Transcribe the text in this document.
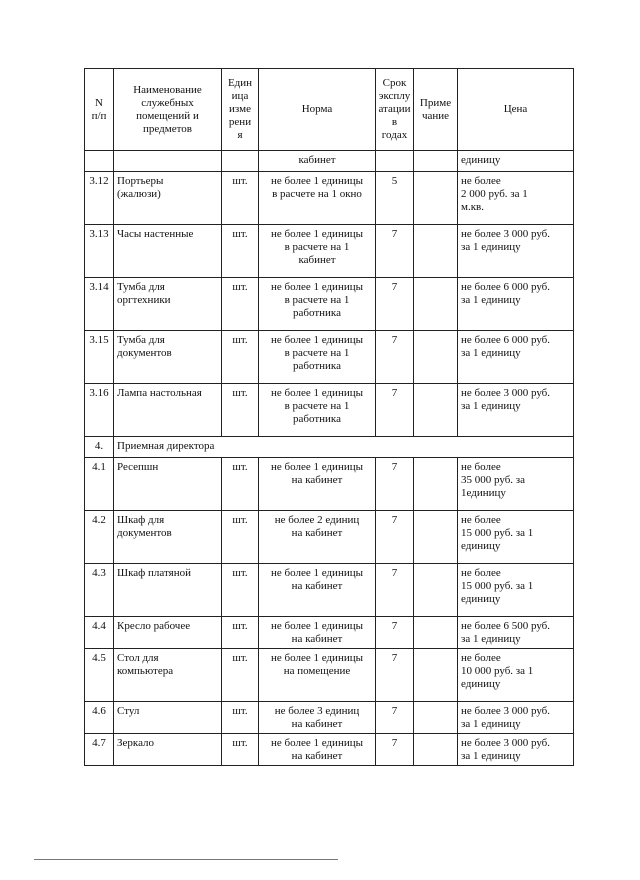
N
п/п	Наименование
служебных
помещений и
предметов	Един
ица
изме
рени
я	Норма	Срок
эксплу
атации
в
годах	Приме
чание	Цена
			кабинет			единицу
3.12	Портьеры
(жалюзи)	шт.	не более 1 единицы
в расчете на 1 окно	5		не более
2 000 руб. за 1
м.кв.
3.13	Часы настенные	шт.	не более 1 единицы
в расчете на 1
кабинет	7		не более 3 000 руб.
за 1 единицу
3.14	Тумба для
оргтехники	шт.	не более 1 единицы
в расчете на 1
работника	7		не более 6 000 руб.
за 1 единицу
3.15	Тумба для
документов	шт.	не более 1 единицы
в расчете на 1
работника	7		не более 6 000 руб.
за 1 единицу
3.16	Лампа настольная	шт.	не более 1 единицы
в расчете на 1
работника	7		не более 3 000 руб.
за 1 единицу
4.	Приемная директора					
4.1	Ресепшн	шт.	не более 1 единицы
на кабинет	7		не более
35 000 руб. за
1единицу
4.2	Шкаф для
документов	шт.	не более 2 единиц
на кабинет	7		не более
15 000 руб. за 1
единицу
4.3	Шкаф платяной	шт.	не более 1 единицы
на кабинет	7		не более
15 000 руб. за 1
единицу
4.4	Кресло рабочее	шт.	не более 1 единицы
на кабинет	7		не более 6 500 руб.
за 1 единицу
4.5	Стол для
компьютера	шт.	не более 1 единицы
на помещение	7		не более
10 000 руб. за 1
единицу
4.6	Стул	шт.	не более 3 единиц
на кабинет	7		не более 3 000 руб.
за 1 единицу
4.7	Зеркало	шт.	не более 1 единицы
на кабинет	7		не более 3 000 руб.
за 1 единицу
